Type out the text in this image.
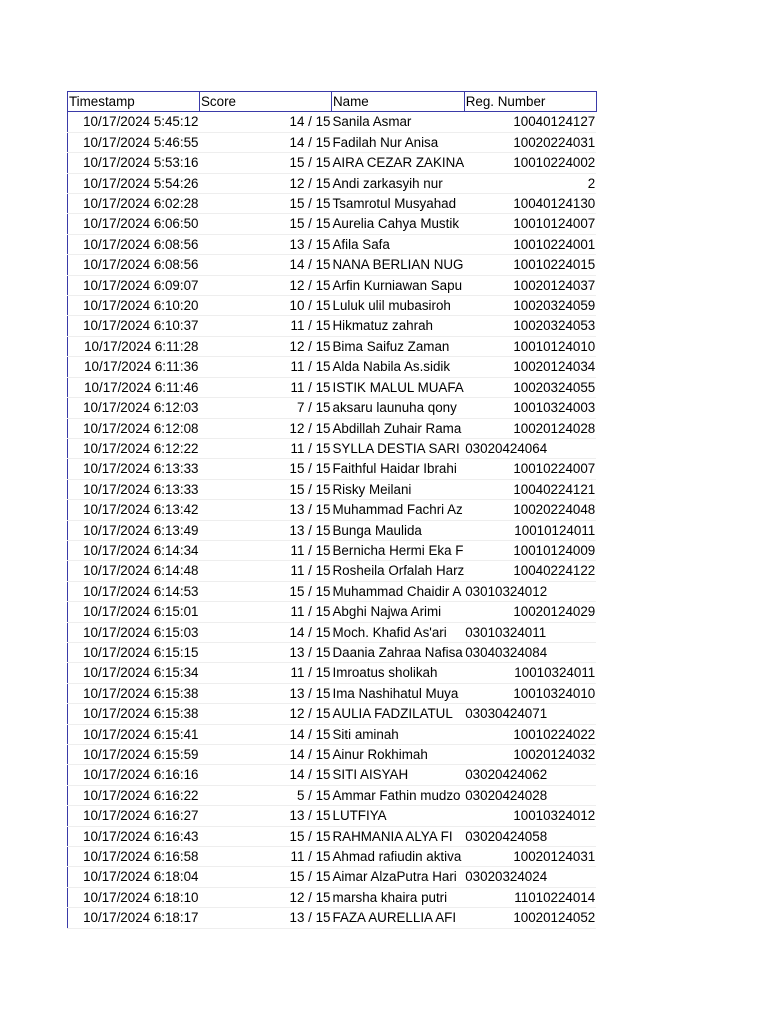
Timestamp	Score	Name	Reg. Number
10/17/2024 5:45:12	14 / 15	Sanila Asmar	10040124127
10/17/2024 5:46:55	14 / 15	Fadilah Nur Anisa	10020224031
10/17/2024 5:53:16	15 / 15	AIRA CEZAR ZAKINA	10010224002
10/17/2024 5:54:26	12 / 15	Andi zarkasyih nur	2
10/17/2024 6:02:28	15 / 15	Tsamrotul Musyahad	10040124130
10/17/2024 6:06:50	15 / 15	Aurelia Cahya Mustik	10010124007
10/17/2024 6:08:56	13 / 15	Afila Safa	10010224001
10/17/2024 6:08:56	14 / 15	NANA BERLIAN NUG	10010224015
10/17/2024 6:09:07	12 / 15	Arfin Kurniawan Sapu	10020124037
10/17/2024 6:10:20	10 / 15	Luluk ulil mubasiroh	10020324059
10/17/2024 6:10:37	11 / 15	Hikmatuz zahrah	10020324053
10/17/2024 6:11:28	12 / 15	Bima Saifuz Zaman	10010124010
10/17/2024 6:11:36	11 / 15	Alda Nabila As.sidik	10020124034
10/17/2024 6:11:46	11 / 15	ISTIK MALUL MUAFA	10020324055
10/17/2024 6:12:03	7 / 15	aksaru launuha qony	10010324003
10/17/2024 6:12:08	12 / 15	Abdillah Zuhair Rama	10020124028
10/17/2024 6:12:22	11 / 15	SYLLA DESTIA SARI	03020424064
10/17/2024 6:13:33	15 / 15	Faithful Haidar Ibrahi	10010224007
10/17/2024 6:13:33	15 / 15	Risky Meilani	10040224121
10/17/2024 6:13:42	13 / 15	Muhammad Fachri Az	10020224048
10/17/2024 6:13:49	13 / 15	Bunga Maulida	10010124011
10/17/2024 6:14:34	11 / 15	Bernicha Hermi Eka F	10010124009
10/17/2024 6:14:48	11 / 15	Rosheila Orfalah Harz	10040224122
10/17/2024 6:14:53	15 / 15	Muhammad Chaidir A	03010324012
10/17/2024 6:15:01	11 / 15	Abghi Najwa Arimi	10020124029
10/17/2024 6:15:03	14 / 15	Moch. Khafid As'ari	03010324011
10/17/2024 6:15:15	13 / 15	Daania Zahraa Nafisa	03040324084
10/17/2024 6:15:34	11 / 15	Imroatus sholikah	10010324011
10/17/2024 6:15:38	13 / 15	Ima Nashihatul Muya	10010324010
10/17/2024 6:15:38	12 / 15	AULIA FADZILATUL	03030424071
10/17/2024 6:15:41	14 / 15	Siti aminah	10010224022
10/17/2024 6:15:59	14 / 15	Ainur Rokhimah	10020124032
10/17/2024 6:16:16	14 / 15	SITI AISYAH	03020424062
10/17/2024 6:16:22	5 / 15	Ammar Fathin mudzo	03020424028
10/17/2024 6:16:27	13 / 15	LUTFIYA	10010324012
10/17/2024 6:16:43	15 / 15	RAHMANIA ALYA FI	03020424058
10/17/2024 6:16:58	11 / 15	Ahmad rafiudin aktiva	10020124031
10/17/2024 6:18:04	15 / 15	Aimar AlzaPutra Hari	03020324024
10/17/2024 6:18:10	12 / 15	marsha khaira putri	11010224014
10/17/2024 6:18:17	13 / 15	FAZA AURELLIA AFI	10020124052
